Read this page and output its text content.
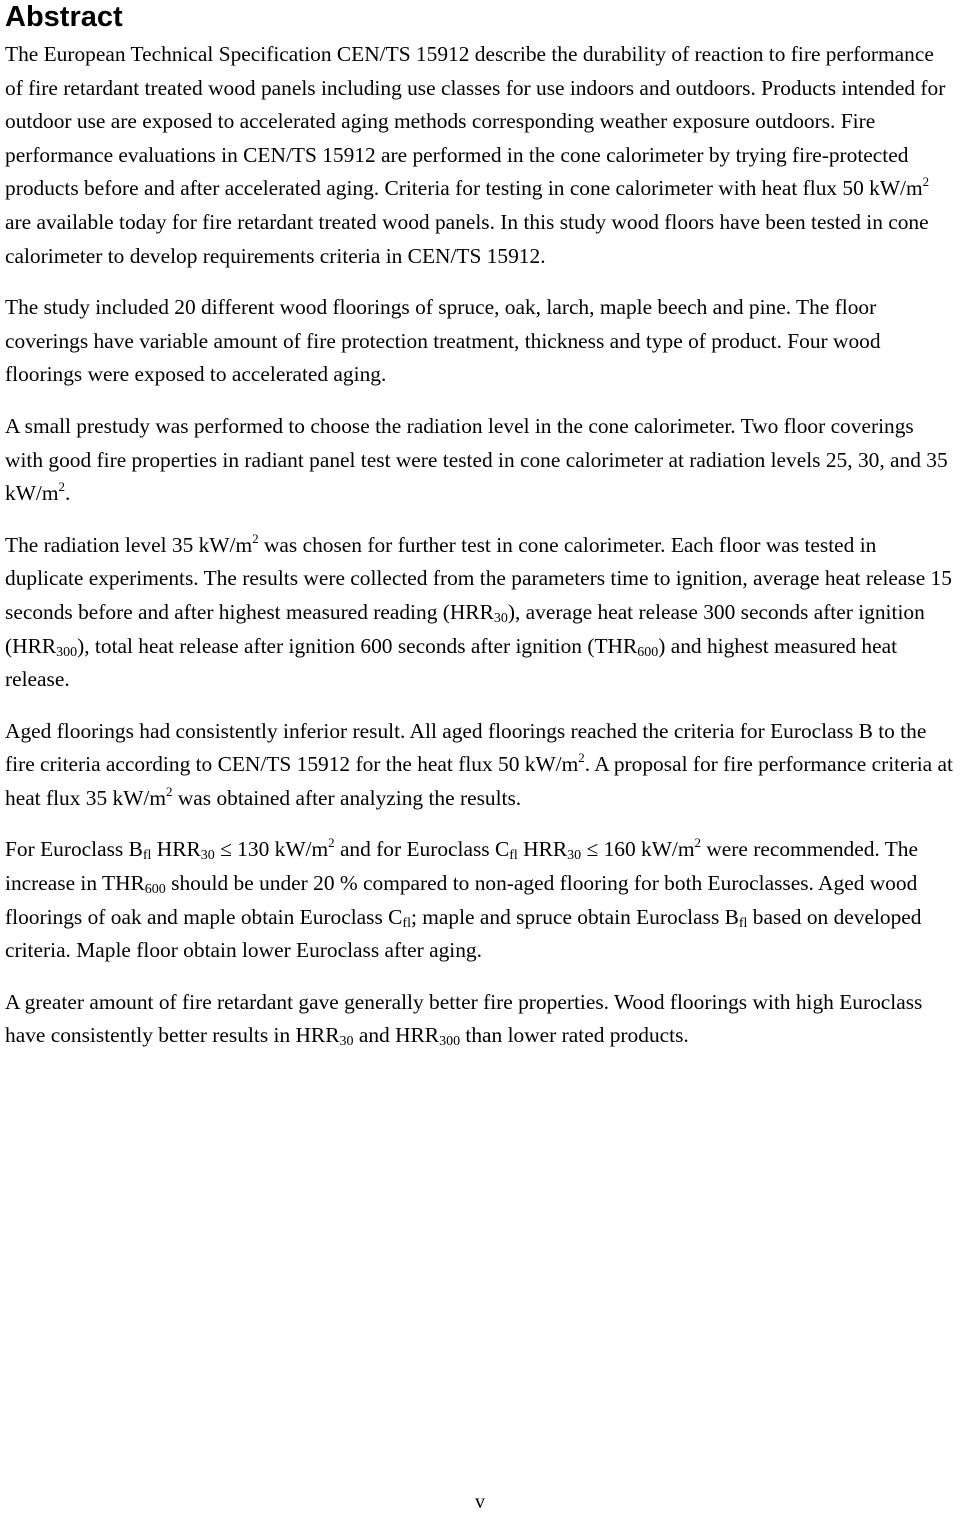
Abstract

The European Technical Specification CEN/TS 15912 describe the durability of reaction to fire performance of fire retardant treated wood panels including use classes for use indoors and outdoors. Products intended for outdoor use are exposed to accelerated aging methods corresponding weather exposure outdoors. Fire performance evaluations in CEN/TS 15912 are performed in the cone calorimeter by trying fire-protected products before and after accelerated aging. Criteria for testing in cone calorimeter with heat flux 50 $kW/m^2$ are available today for fire retardant treated wood panels. In this study wood floors have been tested in cone calorimeter to develop requirements criteria in CEN/TS 15912.

The study included 20 different wood floorings of spruce, oak, larch, maple beech and pine. The floor coverings have variable amount of fire protection treatment, thickness and type of product. Four wood floorings were exposed to accelerated aging.

A small prestudy was performed to choose the radiation level in the cone calorimeter. Two floor coverings with good fire properties in radiant panel test were tested in cone calorimeter at radiation levels 25, 30, and 35 $kW/m^2$.

The radiation level 35 $kW/m^2$ was chosen for further test in cone calorimeter. Each floor was tested in duplicate experiments. The results were collected from the parameters time to ignition, average heat release 15 seconds before and after highest measured reading $(HRR_{30})$, average heat release 300 seconds after ignition $(HRR_{300})$, total heat release after ignition 600 seconds after ignition $(THR_{600})$ and highest measured heat release.

Aged floorings had consistently inferior result. All aged floorings reached the criteria for Euroclass B to the fire criteria according to CEN/TS 15912 for the heat flux 50 $kW/m^2$. A proposal for fire performance criteria at heat flux 35 $kW/m^2$ was obtained after analyzing the results.

For Euroclass $B_{fl}$ $HRR_{30} \le 130$ $kW/m^2$ and for Euroclass $C_{fl}$ $HRR_{30} \le 160$ $kW/m^2$ were recommended. The increase in $THR_{600}$ should be under 20 % compared to non-aged flooring for both Euroclasses. Aged wood floorings of oak and maple obtain Euroclass $C_{fl}$; maple and spruce obtain Euroclass $B_{fl}$ based on developed criteria. Maple floor obtain lower Euroclass after aging.

A greater amount of fire retardant gave generally better fire properties. Wood floorings with high Euroclass have consistently better results in $HRR_{30}$ and $HRR_{300}$ than lower rated products.

v
